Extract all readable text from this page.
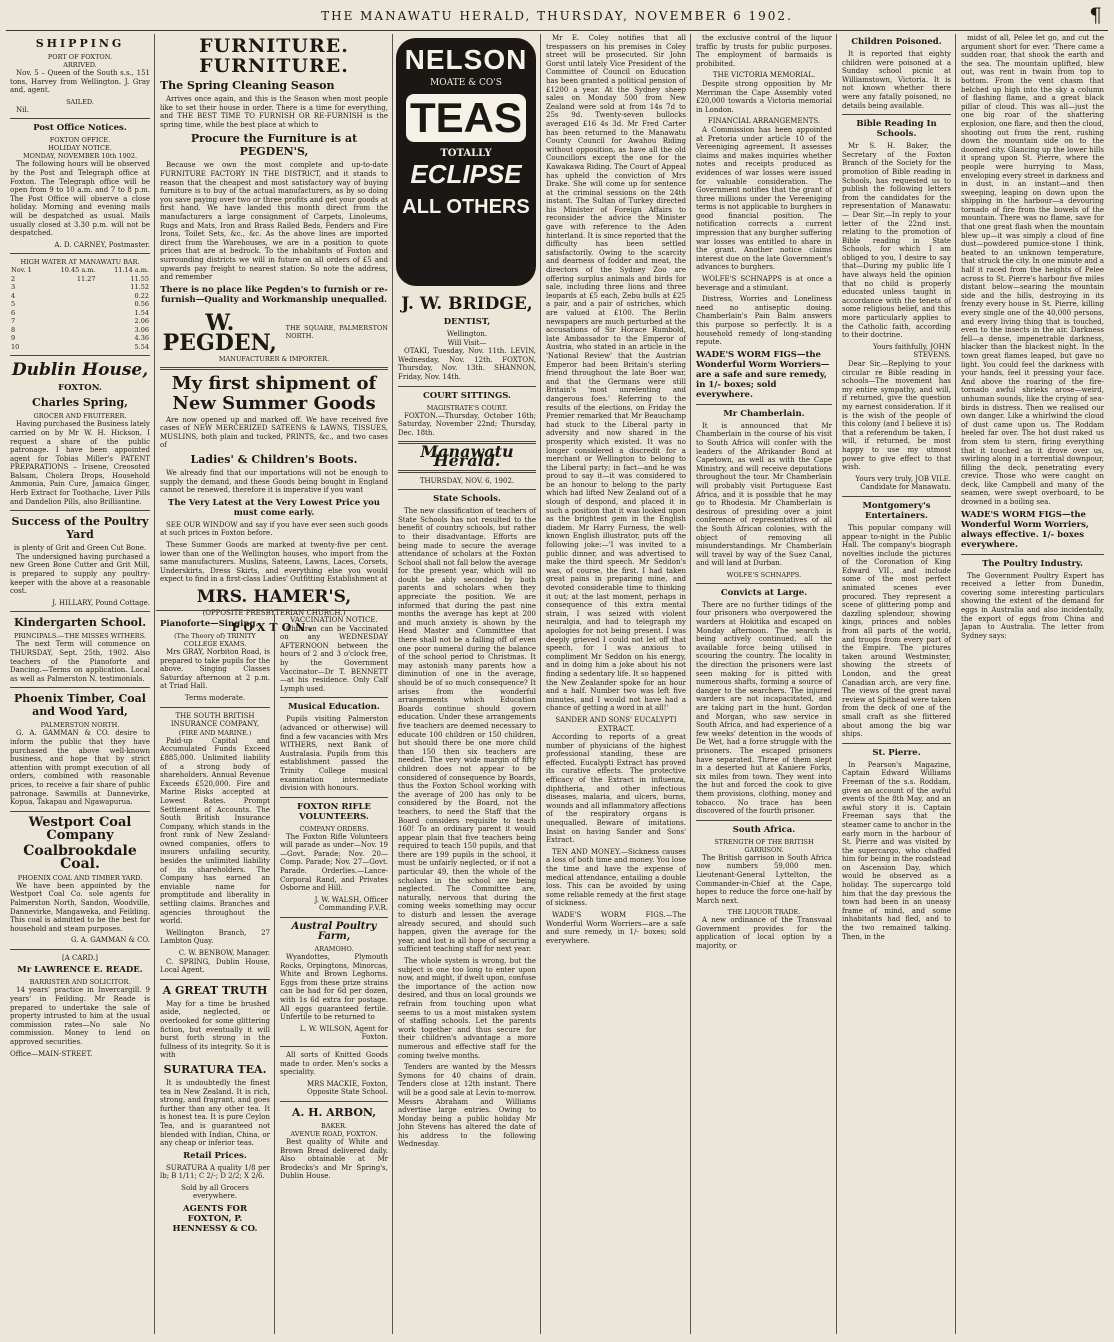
THE MANAWATU HERALD, THURSDAY, NOVEMBER 6 1902.	¶
SHIPPING
PORT OF FOXTON.
ARRIVED.

Nov. 5 – Queen of the South s.s., 151 tons, Harvey from Wellington. J. Gray and, agent.

SAILED.

Nil.

Post Office Notices.
FOXTON OFFICE.
HOLIDAY NOTICE.
MONDAY, NOVEMBER 10th 1902.

The following hours will be observed by the Post and Telegraph office at Foxton. The Telegraph office will be open from 9 to 10 a.m. and 7 to 8 p.m. The Post Office will observe a close holiday. Morning and evening mails will be despatched as usual. Mails usually closed at 3.30 p.m. will not be despatched.

A. D. CARNEY, Postmaster.
HIGH WATER AT MANAWATU BAR.
Nov. 1	10.45 a.m.	11.14 a.m.
2	11.27	11.55
3		11.52
4		0.22
5		0.56
6		1.54
7		2.06
8		3.06
9		4.36
10		5.54
Dublin House,
FOXTON.
Charles Spring,
GROCER AND FRUITERER.

Having purchased the Business lately carried on by Mr W. H. Hickson, I request a share of the public patronage. I have been appointed agent for Tobias Miller's PATENT PREPARATIONS – Irisene, Creosoted Balsam, Cholera Drops, Household Ammonia, Pain Cure, Jamaica Ginger, Herb Extract for Toothache, Liver Pills and Dandelion Pills, also Brilliantine.

Success of the Poultry Yard
is plenty of Grit and Green Cut Bone.

The undersigned having purchased a new Green Bone Cutter and Grit Mill, is prepared to supply any poultry-keeper with the above at a reasonable cost.

J. HILLARY, Pound Cottage.
Kindergarten School.
PRINCIPALS.—THE MISSES WITHERS.

The next Term will commence on THURSDAY, Sept. 25th, 1902. Also teachers of the Pianoforte and Dancing.—Terms on application. Local as well as Palmerston N. testimonials.

Phoenix Timber, Coal and Wood Yard,
PALMERSTON NORTH.

G. A. GAMMAN & CO. desire to inform the public that they have purchased the above well-known business, and hope that by strict attention with prompt execution of all orders, combined with reasonable prices, to receive a fair share of public patronage. Sawmills at Dannevirke, Kopua, Takapau and Ngawapurua.

Westport Coal Company
Coalbrookdale Coal.
PHOENIX COAL AND TIMBER YARD.

We have been appointed by the Westport Coal Co. sole agents for Palmerston North, Sandon, Woodville, Dannevirke, Mangaweka, and Feilding. This coal is admitted to be the best for household and steam purposes.

G. A. GAMMAN & CO.
[A CARD.]
Mr LAWRENCE E. READE.
BARRISTER AND SOLICITOR.

14 years' practice in Invercargill. 9 years' in Feilding. Mr Reade is prepared to undertake the sale of property intrusted to him at the usual commission rates—No sale No commission. Money to lend on approved securities.

Office—MAIN-STREET.
FURNITURE. FURNITURE.
The Spring Cleaning Season

Arrives once again, and this is the Season when most people like to set their house in order. There is a time for everything, and THE BEST TIME TO FURNISH OR RE-FURNISH is the spring time, while the best place at which to

Procure the Furniture is at PEGDEN'S,

Because we own the most complete and up-to-date FURNITURE FACTORY IN THE DISTRICT, and it stands to reason that the cheapest and most satisfactory way of buying furniture is to buy of the actual manufacturers, as by so doing you save paying over two or three profits and get your goods at first hand. We have landed this month direct from the manufacturers a large consignment of Carpets, Linoleums, Rugs and Mats, Iron and Brass Railed Beds, Fenders and Fire Irons, Toilet Sets, &c., &c. As the above lines are imported direct from the Warehouses, we are in a position to quote prices that are at bedrock. To the inhabitants of Foxton and surrounding districts we will in future on all orders of £5 and upwards pay freight to nearest station. So note the address, and remember

There is no place like Pegden's to furnish or re-furnish—Quality and Workmanship unequalled.
W. PEGDEN,
THE SQUARE, PALMERSTON NORTH.
MANUFACTURER & IMPORTER.
My first shipment of New Summer Goods

Are now opened up and marked off. We have received five cases of NEW MERCERIZED SATEENS & LAWNS, TISSUES, MUSLINS, both plain and tucked, PRINTS, &c., and two cases of

Ladies' & Children's Boots.

We already find that our importations will not be enough to supply the demand, and these Goods being bought in England cannot be renewed, therefore it is imperative if you want

The Very Latest at the Very Lowest Price you must come early.

SEE OUR WINDOW and say if you have ever seen such goods at such prices in Foxton before.

These Summer Goods are marked at twenty-five per cent. lower than one of the Wellington houses, who import from the same manufacturers. Muslins, Sateens, Lawns, Laces, Corsets, Underskirts, Dress Skirts, and everything else you would expect to find in a first-class Ladies' Outfitting Establishment at

MRS. HAMER'S,
(OPPOSITE PRESBYTERIAN CHURCH.)
FOXTON.
Pianoforte—Singing.
(The Theory of) TRINITY COLLEGE EXAMS.

Mrs GRAY, Norbiton Road, is prepared to take pupils for the above. Singing Classes Saturday afternoon at 2 p.m. at Triad Hall.

Terms moderate.
THE SOUTH BRITISH INSURANCE COMPANY,
(FIRE AND MARINE.)

Paid-up Capital and Accumulated Funds Exceed £885,000. Unlimited liability of a strong body of shareholders. Annual Revenue Exceeds £520,000. Fire and Marine Risks accepted at Lowest Rates. Prompt Settlement of Accounts. The South British Insurance Company, which stands in the front rank of New Zealand-owned companies, offers to insurers unfailing security, besides the unlimited liability of its shareholders. The Company has earned an enviable name for promptitude and liberality in settling claims. Branches and agencies throughout the world.

Wellington Branch, 27 Lambton Quay.

C. W. BENBOW, Manager.

C. SPRING, Dublin House, Local Agent.

A GREAT TRUTH

May for a time be brushed aside, neglected, or overlooked for some glittering fiction, but eventually it will burst forth strong in the fullness of its integrity. So it is with

SURATURA TEA.

It is undoubtedly the finest tea in New Zealand. It is rich, strong, and fragrant, and goes further than any other tea. It is honest tea. It is pure Ceylon Tea, and is guaranteed not blended with Indian, China, or any cheap or inferior teas.

Retail Prices.

SURATURA A quality 1/8 per lb; B 1/11; C 2/-; D 2/2; X 2/6.

Sold by all Grocers everywhere.
AGENTS FOR FOXTON, P. HENNESSY & CO.
VACCINATION NOTICE.

Children can be Vaccinated on any WEDNESDAY AFTERNOON between the hours of 2 and 3 o'clock free, by the Government Vaccinator—Dr T. BENNETT—at his residence. Only Calf Lymph used.

Musical Education.

Pupils visiting Palmerston (advanced or otherwise) will find a few vacancies with Mrs WITHERS, next Bank of Australasia. Pupils from this establishment passed the Trinity College musical examination intermediate division with honours.

FOXTON RIFLE VOLUNTEERS.
COMPANY ORDERS.

The Foxton Rifle Volunteers will parade as under—Nov. 19—Govt. Parade; Nov. 20—Comp. Parade; Nov. 27—Govt. Parade. Orderlies.—Lance-Corporal Rand, and Privates Osborne and Hill.

J. W. WALSH, Officer Commanding F.V.R.
Austral Poultry Farm,
ARAMOHO.

Wyandottes, Plymouth Rocks, Orpingtons, Minorcas, White and Brown Leghorns. Eggs from these prize strains can be had for 6d per dozen, with 1s 6d extra for postage. All eggs guaranteed fertile. Unfertile to be returned to

L. W. WILSON, Agent for Foxton.

All sorts of Knitted Goods made to order. Men's socks a speciality.

MRS MACKIE, Foxton, Opposite State School.
A. H. ARBON,
BAKER.
AVENUE ROAD, FOXTON.

Best quality of White and Brown Bread delivered daily. Also obtainable at Mr Brodecks's and Mr Spring's, Dublin House.

NELSON
MOATE & CO'S
TEAS
TOTALLY
ECLIPSE
ALL OTHERS
J. W. BRIDGE,
DENTIST,
Wellington.
Will Visit—

OTAKI, Tuesday, Nov. 11th. LEVIN, Wednesday, Nov. 12th. FOXTON, Thursday, Nov. 13th. SHANNON, Friday, Nov. 14th.

COURT SITTINGS.
MAGISTRATE'S COURT.

FOXTON.—Thursday, October 16th; Saturday, November 22nd; Thursday, Dec. 18th.

Manawatu Herald.
THURSDAY, NOV. 6, 1902.
State Schools.

The new classification of teachers of State Schools has not resulted to the benefit of country schools, but rather to their disadvantage. Efforts are being made to secure the average attendance of scholars at the Foxton School shall not fall below the average for the present year, which will no doubt be ably seconded by both parents and scholars when they appreciate the position. We are informed that during the past nine months the average has kept at 200 and much anxiety is shown by the Head Master and Committee that there shall not be a falling off of even one poor numeral during the balance of the school period to Christmas. It may astonish many parents how a diminution of one in the average, should be of so much consequence? It arises from the wonderful arrangements which Education Boards continue should govern education. Under these arrangements five teachers are deemed necessary to educate 100 children or 150 children, but should there be one more child than 150 then six teachers are needed. The very wide margin of fifty children does not appear to be considered of consequence by Boards, thus the Foxton School working with the average of 200 has only to be considered by the Board, not the teachers, to need the Staff that the Board considers requisite to teach 160! To an ordinary parent it would appear plain that five teachers being required to teach 150 pupils, and that there are 199 pupils in the school, it must be unfairly neglected, or if not a particular 49, then the whole of the scholars in the school are being neglected. The Committee are, naturally, nervous that during the coming weeks something may occur to disturb and lessen the average already secured, and should such happen, given the average for the year, and lost is all hope of securing a sufficient teaching staff for next year.

The whole system is wrong, but the subject is one too long to enter upon now, and might, if dwelt upon, confuse the importance of the action now desired, and thus on local grounds we refrain from touching upon what seems to us a most mistaken system of staffing schools. Let the parents work together and thus secure for their children's advantage a more numerous and effective staff for the coming twelve months.

Tenders are wanted by the Messrs Symons for 40 chains of drain. Tenders close at 12th instant. There will be a good sale at Levin to-morrow. Messrs Abraham and Williams advertise large entries. Owing to Monday being a public holiday Mr John Stevens has altered the date of his address to the following Wednesday.

Mr E. Coley notifies that all trespassers on his premises in Coley street will be prosecuted. Sir John Gorst until lately Vice President of the Committee of Council on Education has been granted a political pension of £1200 a year. At the Sydney sheep sales on Monday 500 from New Zealand were sold at from 14s 7d to 25s 9d. Twenty-seven bullocks averaged £16 4s 3d. Mr Fred Carter has been returned to the Manawatu County Council for Awahou Riding without opposition, as have all the old Councillors except the one for the Kawakawa Riding. The Court of Appeal has upheld the conviction of Mrs Drake. She will come up for sentence at the criminal sessions on the 24th instant. The Sultan of Turkey directed his Minister of Foreign Affairs to reconsider the advice the Minister gave with reference to the Aden hinterland. It is since reported that the difficulty has been settled satisfactorily. Owing to the scarcity and dearness of fodder and meat, the directors of the Sydney Zoo are offering surplus animals and birds for sale, including three lions and three leopards at £5 each, Zebu bulls at £25 a pair, and a pair of ostriches, which are valued at £100. The Berlin newspapers are much perturbed at the accusations of Sir Horace Rumbold, late Ambassador to the Emperor of Austria, who stated in an article in the 'National Review' that the Austrian Emperor had been Britain's sterling friend throughout the late Boer war, and that the Germans were still Britain's 'most unrelenting and dangerous foes.' Referring to the results of the elections, on Friday the Premier remarked that Mr Beauchamp had stuck to the Liberal party in adversity and now shared in the prosperity which existed. It was no longer considered a discredit for a merchant or Wellington to belong to the Liberal party; in fact—and he was proud to say it—it was considered to be an honour to belong to the party which had lifted New Zealand out of a slough of despond, and placed it in such a position that it was looked upon as the brightest gem in the English diadem. Mr Harry Furness, the well-known English illustrator, puts off the following joke:—'I was invited to a public dinner, and was advertised to make the third speech. Mr Seddon's was, of course, the first. I had taken great pains in preparing mine, and devoted considerable time to thinking it out; at the last moment, perhaps in consequence of this extra mental strain, I was seized with violent neuralgia, and had to telegraph my apologies for not being present. I was deeply grieved I could not let off that speech, for I was anxious to compliment Mr Seddon on his energy, and in doing him a joke about his not finding a sedentary life. It so happened the New Zealander spoke for an hour and a half. Number two was left five minutes, and I would not have had a chance of getting a word in at all!'

SANDER AND SONS' EUCALYPTI EXTRACT.

According to reports of a great number of physicians of the highest professional standing, these are effected. Eucalypti Extract has proved its curative effects. The protective efficacy of the Extract in influenza, diphtheria, and other infectious diseases, malaria, and ulcers, burns, wounds and all inflammatory affections of the respiratory organs is unequalled. Beware of imitations. Insist on having Sander and Sons' Extract.

TEN AND MONEY.—Sickness causes a loss of both time and money. You lose the time and have the expense of medical attendance, entailing a double loss. This can be avoided by using some reliable remedy at the first stage of sickness.

WADE'S WORM FIGS.—The Wonderful Worm Worriers—are a safe and sure remedy, in 1/- boxes; sold everywhere.

the exclusive control of the liquor traffic by trusts for public purposes. The employment of barmaids is prohibited.

THE VICTORIA MEMORIAL.

Despite strong opposition by Mr Merriman the Cape Assembly voted £20,000 towards a Victoria memorial in London.

FINANCIAL ARRANGEMENTS.

A Commission has been appointed at Pretoria under article 10 of the Vereeniging agreement. It assesses claims and makes inquiries whether notes and receipts produced as evidences of war losses were issued for valuable consideration. The Government notifies that the grant of three millions under the Vereeniging terms is not applicable to burghers in good financial position. The notification corrects a current impression that any burgher suffering war losses was entitled to share in the grant. Another notice claims interest due on the late Government's advances to burghers.

WOLFE'S SCHNAPPS is at once a beverage and a stimulant.

Distress, Worries and Loneliness need no antiseptic dosing. Chamberlain's Pain Balm answers this purpose so perfectly. It is a household remedy of long-standing repute.

WADE'S WORM FIGS—the Wonderful Worm Worriers—are a safe and sure remedy, in 1/- boxes; sold everywhere.
Mr Chamberlain.

It is announced that Mr Chamberlain in the course of his visit to South Africa will confer with the leaders of the Afrikander Bond at Capetown, as well as with the Cape Ministry, and will receive deputations throughout the tour. Mr Chamberlain will probably visit Portuguese East Africa, and it is possible that he may go to Rhodesia. Mr Chamberlain is desirous of presiding over a joint conference of representatives of all the South African colonies, with the object of removing all misunderstandings. Mr Chamberlain will travel by way of the Suez Canal, and will land at Durban.

WOLFE'S SCHNAPPS.
Convicts at Large.

There are no further tidings of the four prisoners who overpowered the warders at Hokitika and escaped on Monday afternoon. The search is being actively continued, all the available force being utilised in scouring the country. The locality in the direction the prisoners were last seen making for is pitted with numerous shafts, forming a source of danger to the searchers. The injured warders are not incapacitated, and are taking part in the hunt. Gordon and Morgan, who saw service in South Africa, and had experience of a few weeks' detention in the woods of De Wet, had a force struggle with the prisoners. The escaped prisoners have separated. Three of them slept in a deserted hut at Kaniere Forks, six miles from town. They went into the hut and forced the cook to give them provisions, clothing, money and tobacco. No trace has been discovered of the fourth prisoner.

South Africa.
STRENGTH OF THE BRITISH GARRISON.

The British garrison in South Africa now numbers 59,000 men. Lieutenant-General Lyttelton, the Commander-in-Chief at the Cape, hopes to reduce the force one-half by March next.

THE LIQUOR TRADE.

A new ordinance of the Transvaal Government provides for the application of local option by a majority, or

Children Poisoned.

It is reported that eighty children were poisoned at a Sunday school picnic at Williamstown, Victoria. It is not known whether there were any fatally poisoned, no details being available.

Bible Reading In Schools.

Mr S. H. Baker, the Secretary of the Foxton Branch of the Society for the promotion of Bible reading in Schools, has requested us to publish the following letters from the candidates for the representation of Manawatu:— Dear Sir,—In reply to your letter of the 22nd inst. relating to the promotion of Bible reading in State Schools, for which I am obliged to you, I desire to say that—During my public life I have always held the opinion that no child is properly educated unless taught in accordance with the tenets of some religious belief, and this more particularly applies to the Catholic faith, according to their doctrine.

Yours faithfully, JOHN STEVENS.

Dear Sir,—Replying to your circular re Bible reading in schools—The movement has my entire sympathy, and will, if returned, give the question my earnest consideration. If it is the wish of the people of this colony (and I believe it is) that a referendum be taken, I will, if returned, be most happy to use my utmost power to give effect to that wish.

Yours very truly, JOB VILE. Candidate for Manawatu.
Montgomery's Entertainers.

This popular company will appear to-night in the Public Hall. The company's biograph novelties include the pictures of the Coronation of King Edward VII., and include some of the most perfect animated scenes ever procured. They represent a scene of glittering pomp and dazzling splendour, showing kings, princes and nobles from all parts of the world, and troops from every part of the Empire. The pictures taken around Westminster, showing the streets of London, and the great Canadian arch, are very fine. The views of the great naval review at Spithead were taken from the deck of one of the small craft as she flittered about among the big war ships.

St. Pierre.

In Pearson's Magazine, Captain Edward Williams Freeman of the s.s. Roddam, gives an account of the awful events of the 8th May, and an awful story it is. Captain Freeman says that the steamer came to anchor in the early morn in the harbour of St. Pierre and was visited by the supercargo, who chaffed him for being in the roadstead on Ascension Day, which would be observed as a holiday. The supercargo told him that the day previous the town had been in an uneasy frame of mind, and some inhabitants had fled, and to the two remained talking. Then, in the

midst of all, Pelee let go, and cut the argument short for ever. 'There came a sudden roar, that shook the earth and the sea. The mountain uplifted, blew out, was rent in twain from top to bottom. From the vent chasm that belched up high into the sky a column of flashing flame, and a great black pillar of cloud. This was all—just the one big roar of the shattering explosion, one flare, and then the cloud, shooting out from the rent, rushing down the mountain side on to the doomed city. Glancing up the lower hills it sprang upon St. Pierre, where the people were hurrying to Mass, enveloping every street in darkness and in dust, in an instant—and then sweeping, leaping on down upon the shipping in the harbour—a devouring tornado of fire from the bowels of the mountain. There was no flame, save for that one great flash when the mountain blew up—it was simply a cloud of fine dust—powdered pumice-stone I think, heated to an unknown temperature, that struck the city. In one minute and a half it raced from the heights of Pelee across to St. Pierre's harbour five miles distant below—searing the mountain side and the hills, destroying in its frenzy every house in St. Pierre, killing every single one of the 40,000 persons, and every living thing that is touched, even to the insects in the air. Darkness fell—a dense, impenetrable darkness, blacker than the blackest night. In the town great flames leaped, but gave no light. You could feel the darkness with your hands, feel it pressing your face. And above the roaring of the fire-tornado awful shrieks arose—weird, unhuman sounds, like the crying of sea-birds in distress. Then we realised our own danger. Like a whirlwind the cloud of dust came upon us. The Roddam heeled far over. The hot dust raked us from stem to stern, firing everything that it touched as it drove over us, swirling along in a torrential downpour, filling the deck, penetrating every crevice. Those who were caught on deck, like Campbell and many of the seamen, were swept overboard, to be drowned in a boiling sea.

WADE'S WORM FIGS—the Wonderful Worm Worriers, always effective. 1/- boxes everywhere.
The Poultry Industry.

The Government Poultry Expert has received a letter from Dunedin, covering some interesting particulars showing the extent of the demand for eggs in Australia and also incidentally, the export of eggs from China and Japan to Australia. The letter from Sydney says:
